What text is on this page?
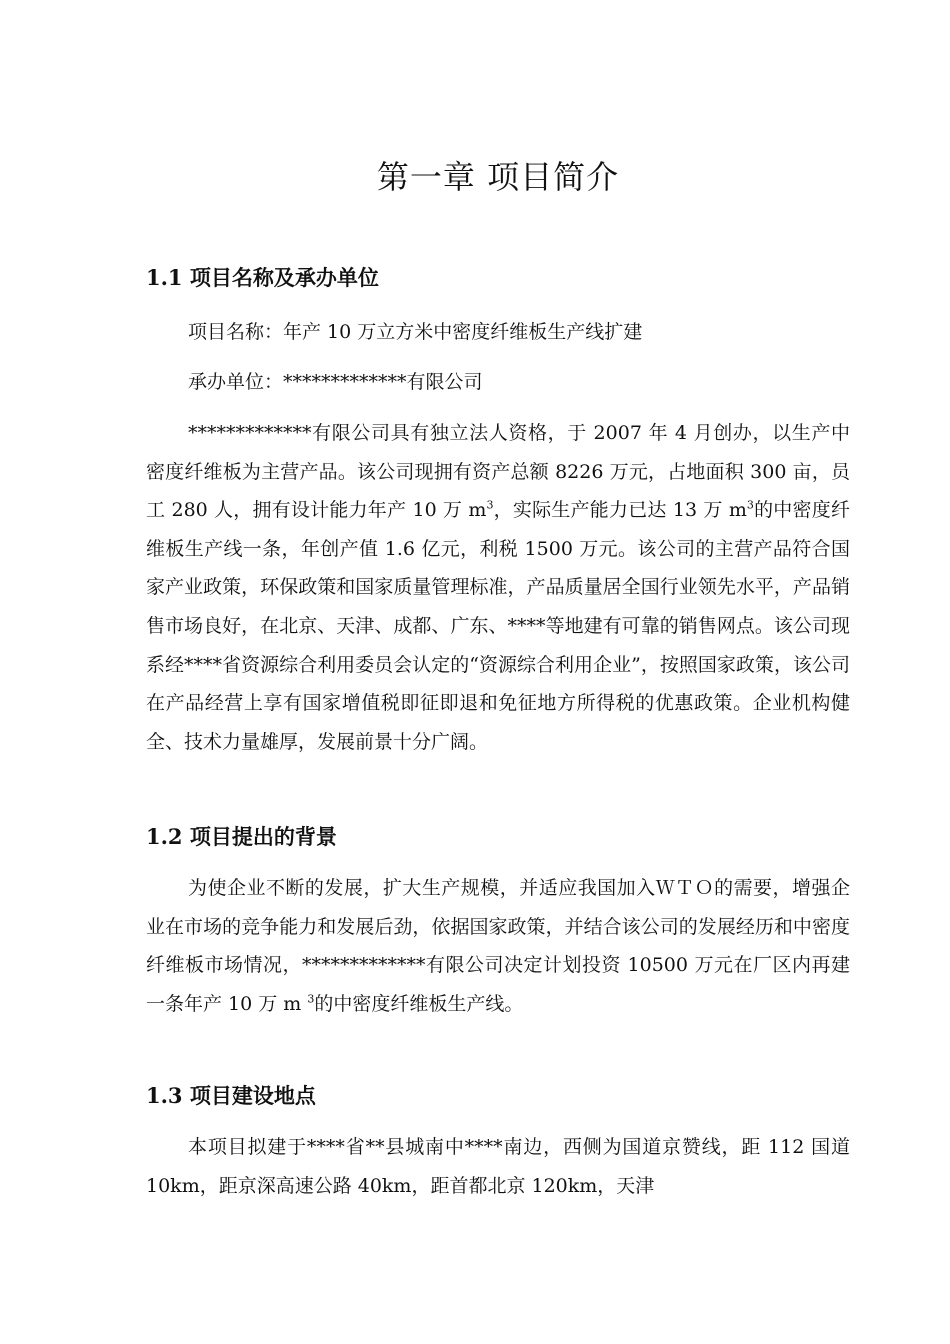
第一章 项目简介
1.1 项目名称及承办单位

项目名称：年产 10 万立方米中密度纤维板生产线扩建

承办单位：*************有限公司

*************有限公司具有独立法人资格，于 2007 年 4 月创办，以生产中密度纤维板为主营产品。该公司现拥有资产总额 8226 万元，占地面积 300 亩，员工 280 人，拥有设计能力年产 10 万 $m^3$，实际生产能力已达 13 万 $m^3$的中密度纤维板生产线一条，年创产值 1.6 亿元，利税 1500 万元。该公司的主营产品符合国家产业政策，环保政策和国家质量管理标准，产品质量居全国行业领先水平，产品销售市场良好，在北京、天津、成都、广东、****等地建有可靠的销售网点。该公司现系经****省资源综合利用委员会认定的“资源综合利用企业”，按照国家政策，该公司在产品经营上享有国家增值税即征即退和免征地方所得税的优惠政策。企业机构健全、技术力量雄厚，发展前景十分广阔。

1.2 项目提出的背景

为使企业不断的发展，扩大生产规模，并适应我国加入ＷＴＯ的需要，增强企业在市场的竞争能力和发展后劲，依据国家政策，并结合该公司的发展经历和中密度纤维板市场情况，*************有限公司决定计划投资 10500 万元在厂区内再建一条年产 10 万 m $^3$的中密度纤维板生产线。

1.3 项目建设地点

本项目拟建于****省**县城南中****南边，西侧为国道京赞线，距 112 国道 10km，距京深高速公路 40km，距首都北京 120km，天津
